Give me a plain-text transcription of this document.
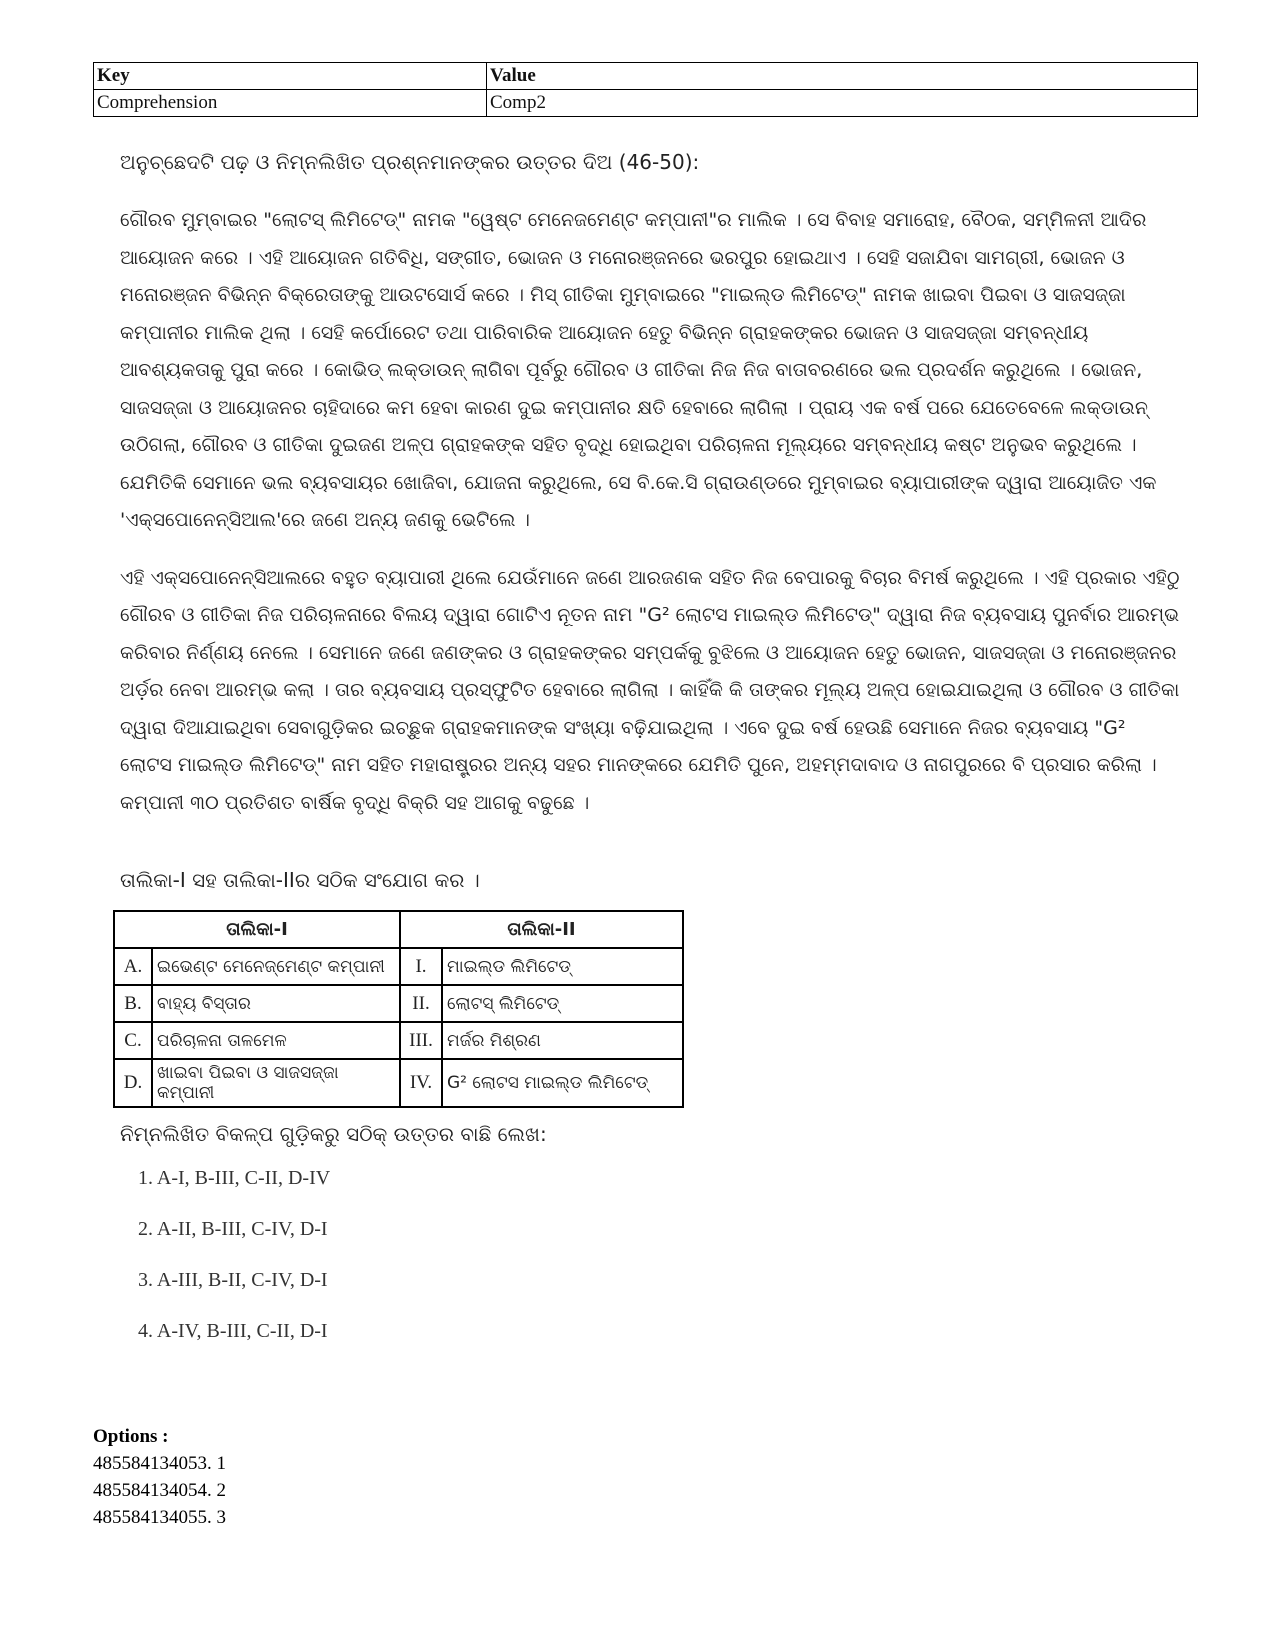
Key	Value
Comprehension	Comp2

ଅନୁଚ୍ଛେଦଟି ପଢ଼ ଓ ନିମ୍ନଲିଖିତ ପ୍ରଶ୍ନମାନଙ୍କର ଉତ୍ତର ଦିଅ (46-50):

ଗୌରବ ମୁମ୍ବାଇର "ଲୋଟସ୍ ଲିମିଟେଡ୍" ନାମକ "ୱେଷ୍ଟ ମେନେଜମେଣ୍ଟ କମ୍ପାନୀ"ର ମାଲିକ । ସେ ବିବାହ ସମାରୋହ, ବୈଠକ, ସମ୍ମିଳନୀ ଆଦିର ଆୟୋଜନ କରେ । ଏହି ଆୟୋଜନ ଗତିବିଧି, ସଙ୍ଗୀତ, ଭୋଜନ ଓ ମନୋରଞ୍ଜନରେ ଭରପୁର ହୋଇଥାଏ । ସେହି ସଜାଯିବା ସାମଗ୍ରୀ, ଭୋଜନ ଓ ମନୋରଞ୍ଜନ ବିଭିନ୍ନ ବିକ୍ରେତାଙ୍କୁ ଆଉଟସୋର୍ସ କରେ । ମିସ୍ ଗୀତିକା ମୁମ୍ବାଇରେ "ମାଇଲ୍ଡ ଲିମିଟେଡ୍" ନାମକ ଖାଇବା ପିଇବା ଓ ସାଜସଜ୍ଜା କମ୍ପାନୀର ମାଲିକ ଥିଲା । ସେହି କର୍ପୋରେଟ ତଥା ପାରିବାରିକ ଆୟୋଜନ ହେତୁ ବିଭିନ୍ନ ଗ୍ରାହକଙ୍କର ଭୋଜନ ଓ ସାଜସଜ୍ଜା ସମ୍ବନ୍ଧୀୟ ଆବଶ୍ୟକତାକୁ ପୁରା କରେ । କୋଭିଡ୍ ଲକ୍‌ଡାଉନ୍ ଲାଗିବା ପୂର୍ବରୁ ଗୌରବ ଓ ଗୀତିକା ନିଜ ନିଜ ବାତାବରଣରେ ଭଲ ପ୍ରଦର୍ଶନ କରୁଥିଲେ । ଭୋଜନ, ସାଜସଜ୍ଜା ଓ ଆୟୋଜନର ଚାହିଦାରେ କମ ହେବା କାରଣ ଦୁଇ କମ୍ପାନୀର କ୍ଷତି ହେବାରେ ଲାଗିଲା । ପ୍ରାୟ ଏକ ବର୍ଷ ପରେ ଯେତେବେଳେ ଲକ୍‌ଡାଉନ୍ ଉଠିଗଲା, ଗୌରବ ଓ ଗୀତିକା ଦୁଇଜଣ ଅଳ୍ପ ଗ୍ରାହକଙ୍କ ସହିତ ବୃଦ୍ଧି ହୋଇଥିବା ପରିଚାଳନା ମୂଲ୍ୟରେ ସମ୍ବନ୍ଧୀୟ କଷ୍ଟ ଅନୁଭବ କରୁଥିଲେ । ଯେମିତିକି ସେମାନେ ଭଲ ବ୍ୟବସାୟର ଖୋଜିବା, ଯୋଜନା କରୁଥିଲେ, ସେ ବି.କେ.ସି ଗ୍ରାଉଣ୍ଡରେ ମୁମ୍ବାଇର ବ୍ୟାପାରୀଙ୍କ ଦ୍ୱାରା ଆୟୋଜିତ ଏକ 'ଏକ୍ସପୋନେନ୍‌ସିଆଲ'ରେ ଜଣେ ଅନ୍ୟ ଜଣକୁ ଭେଟିଲେ ।

ଏହି ଏକ୍ସପୋନେନ୍‌ସିଆଲରେ ବହୁତ ବ୍ୟାପାରୀ ଥିଲେ ଯେଉଁମାନେ ଜଣେ ଆରଜଣକ ସହିତ ନିଜ ବେପାରକୁ ବିଚାର ବିମର୍ଷ କରୁଥିଲେ । ଏହି ପ୍ରକାର ଏହିଠୁ ଗୌରବ ଓ ଗୀତିକା ନିଜ ପରିଚାଳନାରେ ବିଲୟ ଦ୍ୱାରା ଗୋଟିଏ ନୂତନ ନାମ "G² ଲୋଟସ ମାଇଲ୍ଡ ଲିମିଟେଡ୍" ଦ୍ୱାରା ନିଜ ବ୍ୟବସାୟ ପୁନର୍ବାର ଆରମ୍ଭ କରିବାର ନିର୍ଣ୍ଣୟ ନେଲେ । ସେମାନେ ଜଣେ ଜଣଙ୍କର ଓ ଗ୍ରାହକଙ୍କର ସମ୍ପର୍କକୁ ବୁଝିଲେ ଓ ଆୟୋଜନ ହେତୁ ଭୋଜନ, ସାଜସଜ୍ଜା ଓ ମନୋରଞ୍ଜନର ଅର୍ଡ଼ର ନେବା ଆରମ୍ଭ କଲା । ତାର ବ୍ୟବସାୟ ପ୍ରସ୍ଫୁଟିତ ହେବାରେ ଲାଗିଲା । କାହିଁକି କି ତାଙ୍କର ମୂଲ୍ୟ ଅଳ୍ପ ହୋଇଯାଇଥିଲା ଓ ଗୌରବ ଓ ଗୀତିକା ଦ୍ୱାରା ଦିଆଯାଇଥିବା ସେବାଗୁଡ଼ିକର ଇଚ୍ଛୁକ ଗ୍ରାହକମାନଙ୍କ ସଂଖ୍ୟା ବଢ଼ିଯାଇଥିଲା । ଏବେ ଦୁଇ ବର୍ଷ ହେଉଛି ସେମାନେ ନିଜର ବ୍ୟବସାୟ "G² ଲୋଟସ ମାଇଲ୍ଡ ଲିମିଟେଡ୍" ନାମ ସହିତ ମହାରାଷ୍ଟ୍ରର ଅନ୍ୟ ସହର ମାନଙ୍କରେ ଯେମିତି ପୁନେ, ଅହମ୍ମଦାବାଦ ଓ ନାଗପୁରରେ ବି ପ୍ରସାର କରିଲା । କମ୍ପାନୀ ୩୦ ପ୍ରତିଶତ ବାର୍ଷିକ ବୃଦ୍ଧି ବିକ୍ରି ସହ ଆଗକୁ ବଢୁଛେ ।

ତାଲିକା-I ସହ ତାଲିକା-IIର ସଠିକ ସଂଯୋଗ କର ।

ତାଲିକା-I		ତାଲିକା-II	
A.	ଇଭେଣ୍ଟ ମେନେଜ୍‌ମେଣ୍ଟ କମ୍ପାନୀ	I.	ମାଇଲ୍ଡ ଲିମିଟେଡ୍
B.	ବାହ୍ୟ ବିସ୍ତାର	II.	ଲୋଟସ୍ ଲିମିଟେଡ୍
C.	ପରିଚାଳନା ତାଳମେଳ	III.	ମର୍ଜର ମିଶ୍ରଣ
D.	ଖାଇବା ପିଇବା ଓ ସାଜସଜ୍ଜା କମ୍ପାନୀ	IV.	G² ଲୋଟସ ମାଇଲ୍ଡ ଲିମିଟେଡ୍

ନିମ୍ନଲିଖିତ ବିକଳ୍ପ ଗୁଡ଼ିକରୁ ସଠିକ୍ ଉତ୍ତର ବାଛି ଲେଖ:

1. A-I, B-III, C-II, D-IV
2. A-II, B-III, C-IV, D-I
3. A-III, B-II, C-IV, D-I
4. A-IV, B-III, C-II, D-I
Options :
485584134053. 1
485584134054. 2
485584134055. 3
